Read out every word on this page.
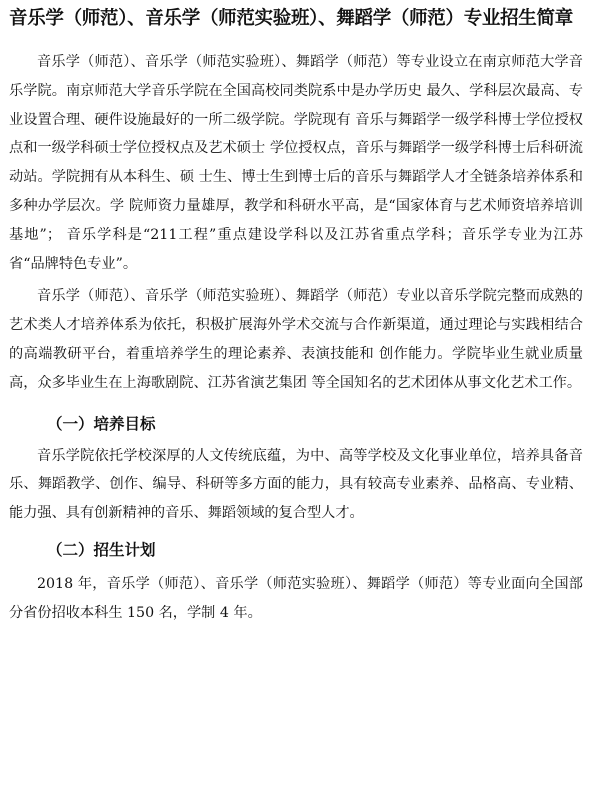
音乐学（师范）、音乐学（师范实验班）、舞蹈学（师范）专业招生简章

音乐学（师范）、音乐学（师范实验班）、舞蹈学（师范）等专业设立在南京师范大学音乐学院。南京师范大学音乐学院在全国高校同类院系中是办学历史 最久、学科层次最高、专业设置合理、硬件设施最好的一所二级学院。学院现有 音乐与舞蹈学一级学科博士学位授权点和一级学科硕士学位授权点及艺术硕士 学位授权点，音乐与舞蹈学一级学科博士后科研流动站。学院拥有从本科生、硕 士生、博士生到博士后的音乐与舞蹈学人才全链条培养体系和多种办学层次。学 院师资力量雄厚，教学和科研水平高，是“国家体育与艺术师资培养培训基地”； 音乐学科是“211工程”重点建设学科以及江苏省重点学科；音乐学专业为江苏 省“品牌特色专业”。

音乐学（师范）、音乐学（师范实验班）、舞蹈学（师范）专业以音乐学院完整而成熟的艺术类人才培养体系为依托，积极扩展海外学术交流与合作新渠道，通过理论与实践相结合的高端教研平台，着重培养学生的理论素养、表演技能和 创作能力。学院毕业生就业质量高，众多毕业生在上海歌剧院、江苏省演艺集团 等全国知名的艺术团体从事文化艺术工作。

（一）培养目标

音乐学院依托学校深厚的人文传统底蕴，为中、高等学校及文化事业单位，培养具备音乐、舞蹈教学、创作、编导、科研等多方面的能力，具有较高专业素养、品格高、专业精、能力强、具有创新精神的音乐、舞蹈领域的复合型人才。

（二）招生计划

2018 年，音乐学（师范）、音乐学（师范实验班）、舞蹈学（师范）等专业面向全国部分省份招收本科生 150 名，学制 4 年。
